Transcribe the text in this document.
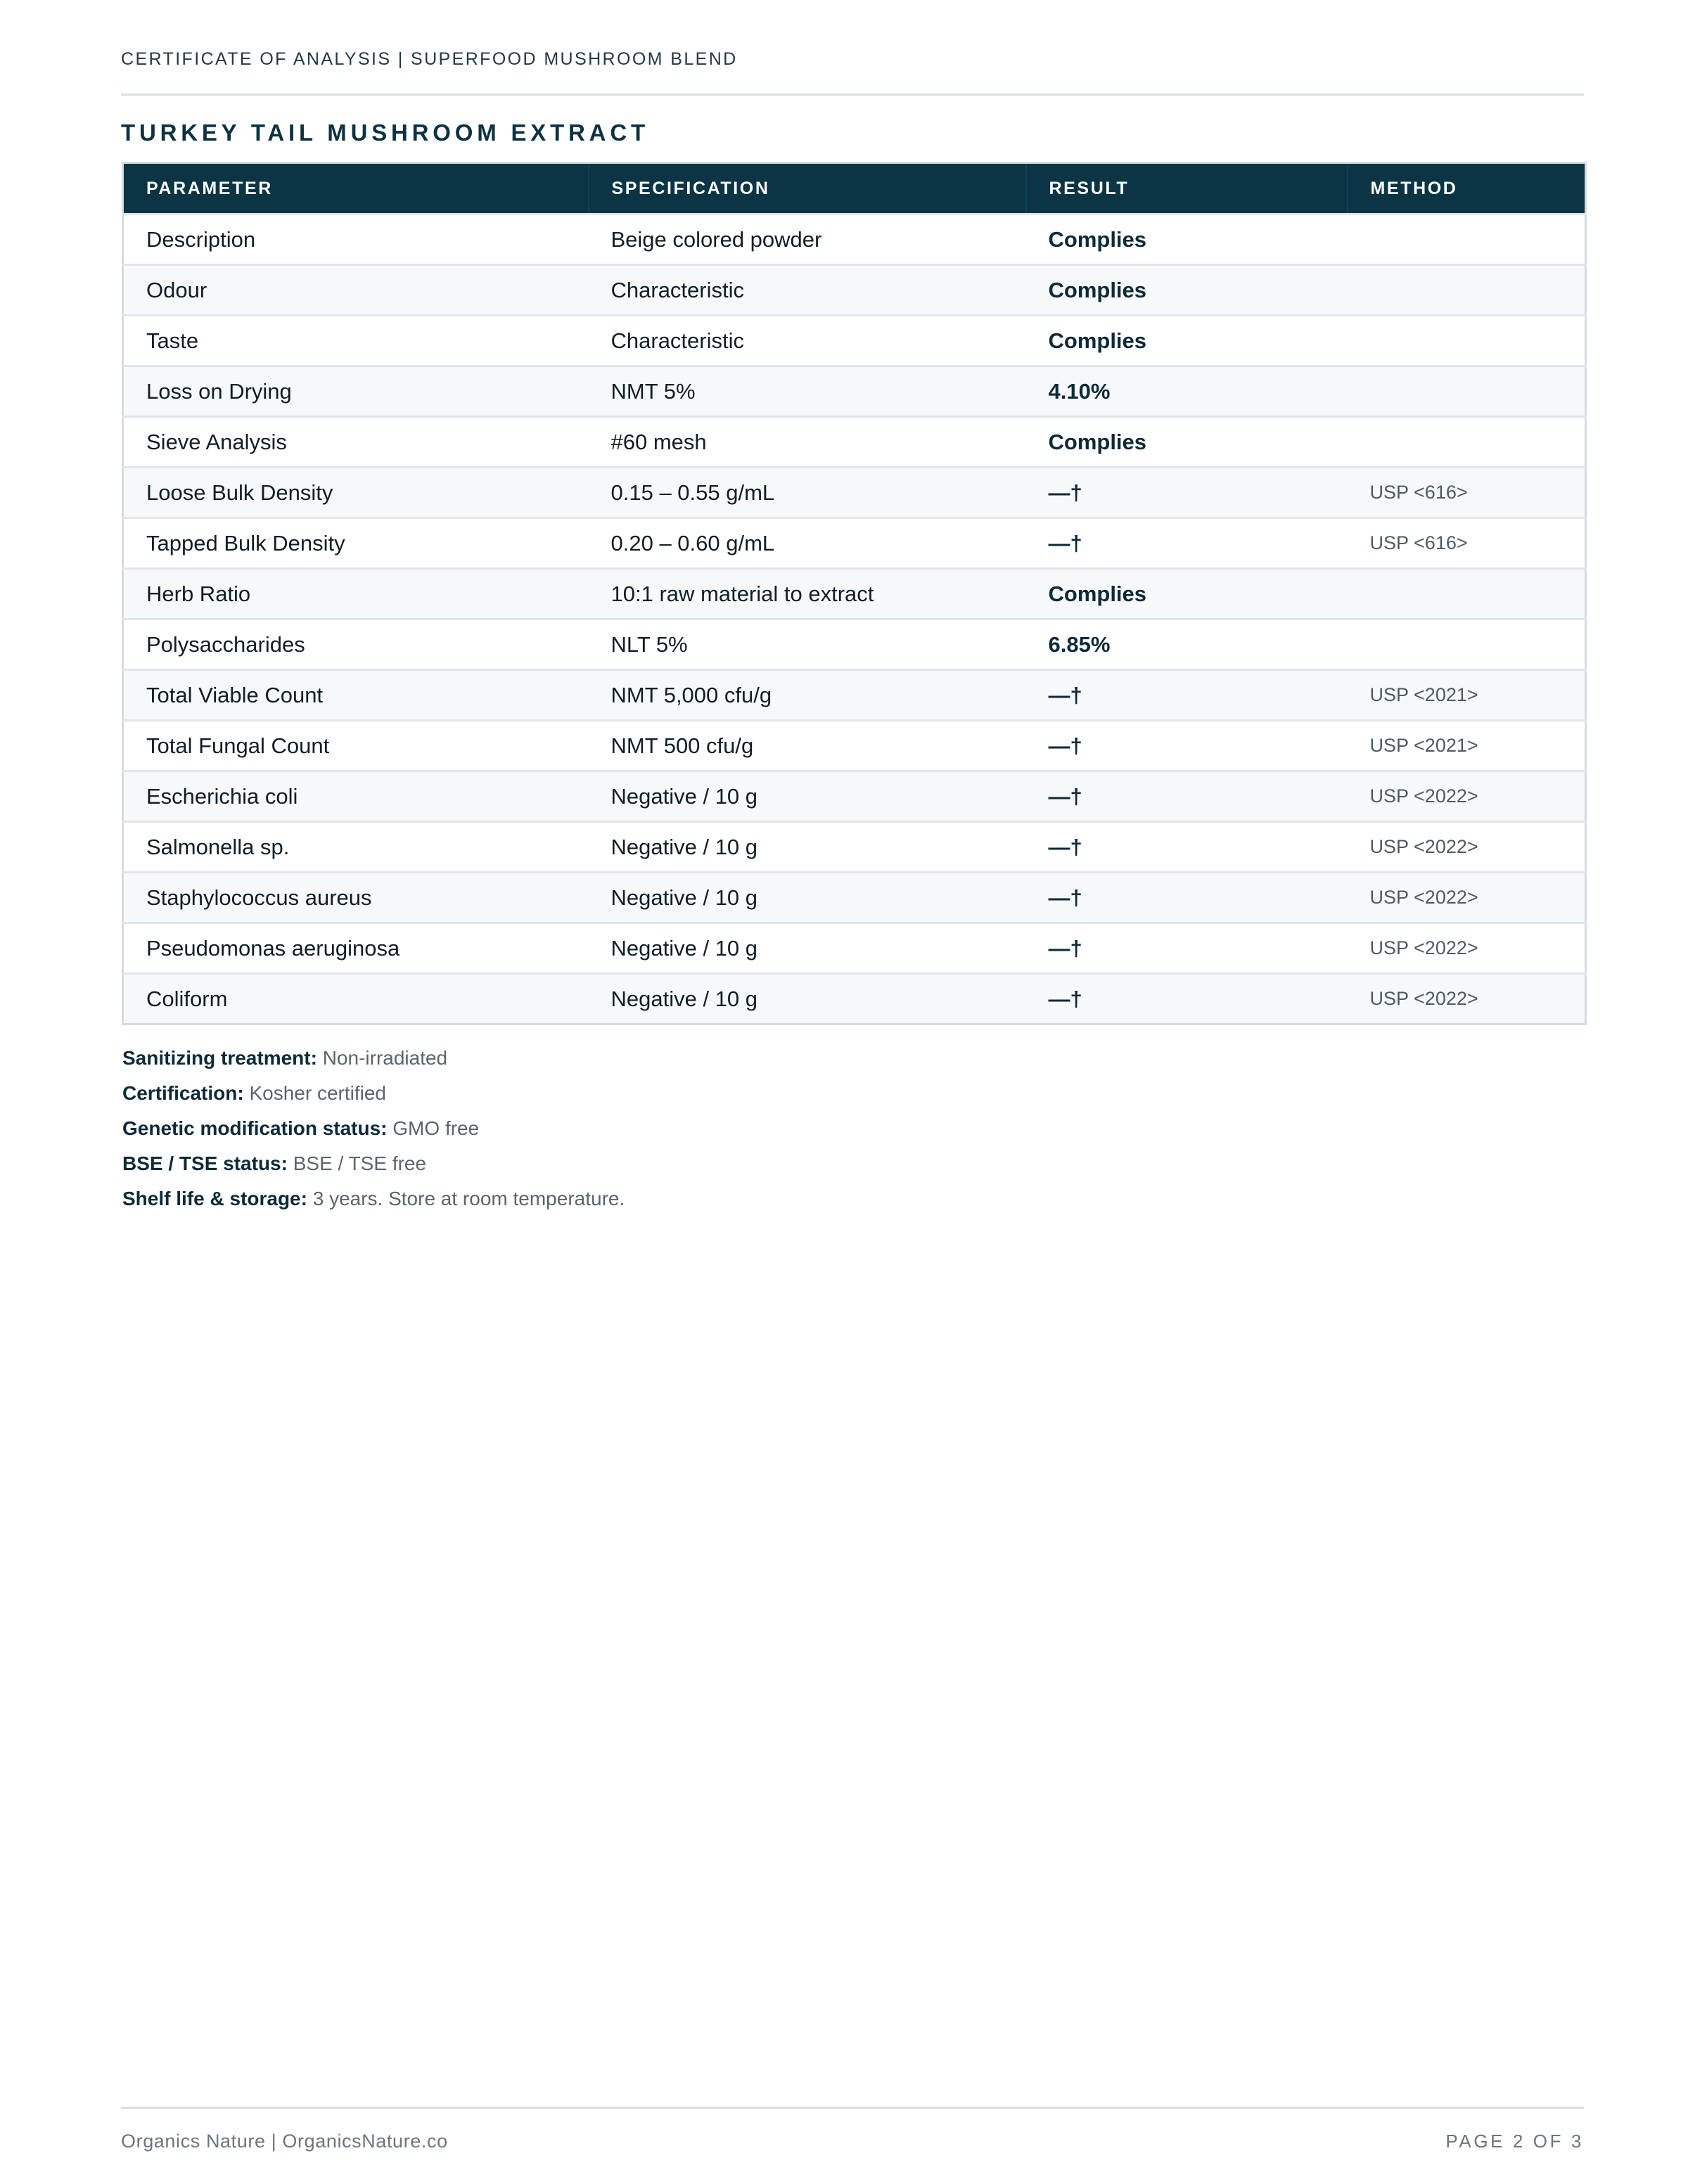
CERTIFICATE OF ANALYSIS | SUPERFOOD MUSHROOM BLEND
TURKEY TAIL MUSHROOM EXTRACT
PARAMETER	SPECIFICATION	RESULT	METHOD
Description	Beige colored powder	Complies	
Odour	Characteristic	Complies	
Taste	Characteristic	Complies	
Loss on Drying	NMT 5%	4.10%	
Sieve Analysis	#60 mesh	Complies	
Loose Bulk Density	0.15 – 0.55 g/mL	—†	USP <616>
Tapped Bulk Density	0.20 – 0.60 g/mL	—†	USP <616>
Herb Ratio	10:1 raw material to extract	Complies	
Polysaccharides	NLT 5%	6.85%	
Total Viable Count	NMT 5,000 cfu/g	—†	USP <2021>
Total Fungal Count	NMT 500 cfu/g	—†	USP <2021>
Escherichia coli	Negative / 10 g	—†	USP <2022>
Salmonella sp.	Negative / 10 g	—†	USP <2022>
Staphylococcus aureus	Negative / 10 g	—†	USP <2022>
Pseudomonas aeruginosa	Negative / 10 g	—†	USP <2022>
Coliform	Negative / 10 g	—†	USP <2022>
Sanitizing treatment: Non-irradiated
Certification: Kosher certified
Genetic modification status: GMO free
BSE / TSE status: BSE / TSE free
Shelf life & storage: 3 years. Store at room temperature.
Organics Nature | OrganicsNature.co	PAGE 2 OF 3
